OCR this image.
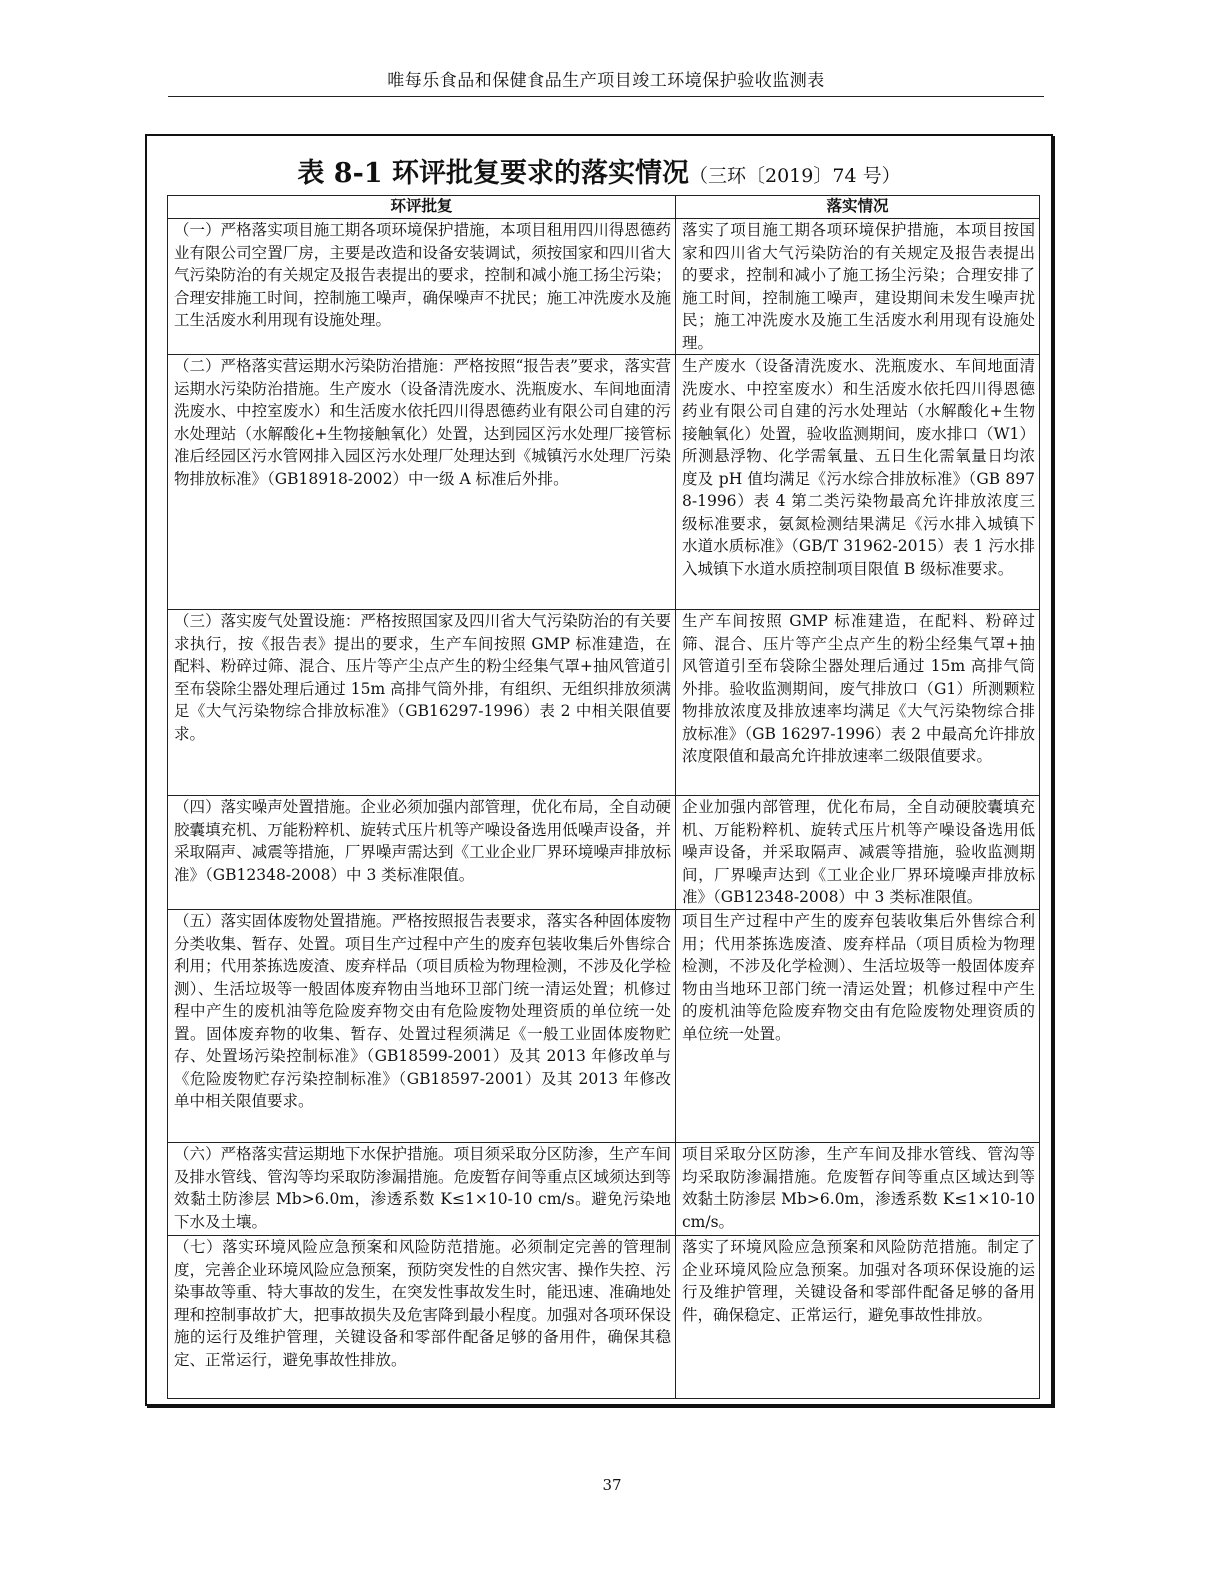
唯每乐食品和保健食品生产项目竣工环境保护验收监测表
表 8-1 环评批复要求的落实情况（三环〔2019〕74 号）
环评批复	落实情况
（一）严格落实项目施工期各项环境保护措施，本项目租用四川得恩德药业有限公司空置厂房，主要是改造和设备安装调试，须按国家和四川省大气污染防治的有关规定及报告表提出的要求，控制和减小施工扬尘污染；合理安排施工时间，控制施工噪声，确保噪声不扰民；施工冲洗废水及施工生活废水利用现有设施处理。	落实了项目施工期各项环境保护措施，本项目按国家和四川省大气污染防治的有关规定及报告表提出的要求，控制和减小了施工扬尘污染；合理安排了施工时间，控制施工噪声，建设期间未发生噪声扰民；施工冲洗废水及施工生活废水利用现有设施处理。
（二）严格落实营运期水污染防治措施：严格按照“报告表”要求，落实营运期水污染防治措施。生产废水（设备清洗废水、洗瓶废水、车间地面清洗废水、中控室废水）和生活废水依托四川得恩德药业有限公司自建的污水处理站（水解酸化+生物接触氧化）处置，达到园区污水处理厂接管标准后经园区污水管网排入园区污水处理厂处理达到《城镇污水处理厂污染物排放标准》（GB18918-2002）中一级 A 标准后外排。	生产废水（设备清洗废水、洗瓶废水、车间地面清洗废水、中控室废水）和生活废水依托四川得恩德药业有限公司自建的污水处理站（水解酸化+生物接触氧化）处置，验收监测期间，废水排口（W1）所测悬浮物、化学需氧量、五日生化需氧量日均浓度及 pH 值均满足《污水综合排放标准》（GB 8978-1996）表 4 第二类污染物最高允许排放浓度三级标准要求，氨氮检测结果满足《污水排入城镇下水道水质标准》（GB/T 31962-2015）表 1 污水排入城镇下水道水质控制项目限值 B 级标准要求。
（三）落实废气处置设施：严格按照国家及四川省大气污染防治的有关要求执行，按《报告表》提出的要求，生产车间按照 GMP 标准建造，在配料、粉碎过筛、混合、压片等产尘点产生的粉尘经集气罩+抽风管道引至布袋除尘器处理后通过 15m 高排气筒外排，有组织、无组织排放须满足《大气污染物综合排放标准》（GB16297-1996）表 2 中相关限值要求。	生产车间按照 GMP 标准建造，在配料、粉碎过筛、混合、压片等产尘点产生的粉尘经集气罩+抽风管道引至布袋除尘器处理后通过 15m 高排气筒外排。验收监测期间，废气排放口（G1）所测颗粒物排放浓度及排放速率均满足《大气污染物综合排放标准》（GB 16297-1996）表 2 中最高允许排放浓度限值和最高允许排放速率二级限值要求。
（四）落实噪声处置措施。企业必须加强内部管理，优化布局，全自动硬胶囊填充机、万能粉粹机、旋转式压片机等产噪设备选用低噪声设备，并采取隔声、减震等措施，厂界噪声需达到《工业企业厂界环境噪声排放标准》（GB12348-2008）中 3 类标准限值。	企业加强内部管理，优化布局，全自动硬胶囊填充机、万能粉粹机、旋转式压片机等产噪设备选用低噪声设备，并采取隔声、减震等措施，验收监测期间，厂界噪声达到《工业企业厂界环境噪声排放标准》（GB12348-2008）中 3 类标准限值。
（五）落实固体废物处置措施。严格按照报告表要求，落实各种固体废物分类收集、暂存、处置。项目生产过程中产生的废弃包装收集后外售综合利用；代用茶拣选废渣、废弃样品（项目质检为物理检测，不涉及化学检测）、生活垃圾等一般固体废弃物由当地环卫部门统一清运处置；机修过程中产生的废机油等危险废弃物交由有危险废物处理资质的单位统一处置。固体废弃物的收集、暂存、处置过程须满足《一般工业固体废物贮存、处置场污染控制标准》（GB18599-2001）及其 2013 年修改单与《危险废物贮存污染控制标准》（GB18597-2001）及其 2013 年修改单中相关限值要求。	项目生产过程中产生的废弃包装收集后外售综合利用；代用茶拣选废渣、废弃样品（项目质检为物理检测，不涉及化学检测）、生活垃圾等一般固体废弃物由当地环卫部门统一清运处置；机修过程中产生的废机油等危险废弃物交由有危险废物处理资质的单位统一处置。
（六）严格落实营运期地下水保护措施。项目须采取分区防渗，生产车间及排水管线、管沟等均采取防渗漏措施。危废暂存间等重点区域须达到等效黏土防渗层 Mb>6.0m，渗透系数 K≤1×10-10 cm/s。避免污染地下水及土壤。	项目采取分区防渗，生产车间及排水管线、管沟等均采取防渗漏措施。危废暂存间等重点区域达到等效黏土防渗层 Mb>6.0m，渗透系数 K≤1×10-10 cm/s。
（七）落实环境风险应急预案和风险防范措施。必须制定完善的管理制度，完善企业环境风险应急预案，预防突发性的自然灾害、操作失控、污染事故等重、特大事故的发生，在突发性事故发生时，能迅速、准确地处理和控制事故扩大，把事故损失及危害降到最小程度。加强对各项环保设施的运行及维护管理，关键设备和零部件配备足够的备用件，确保其稳定、正常运行，避免事故性排放。	落实了环境风险应急预案和风险防范措施。制定了企业环境风险应急预案。加强对各项环保设施的运行及维护管理，关键设备和零部件配备足够的备用件，确保稳定、正常运行，避免事故性排放。
37
